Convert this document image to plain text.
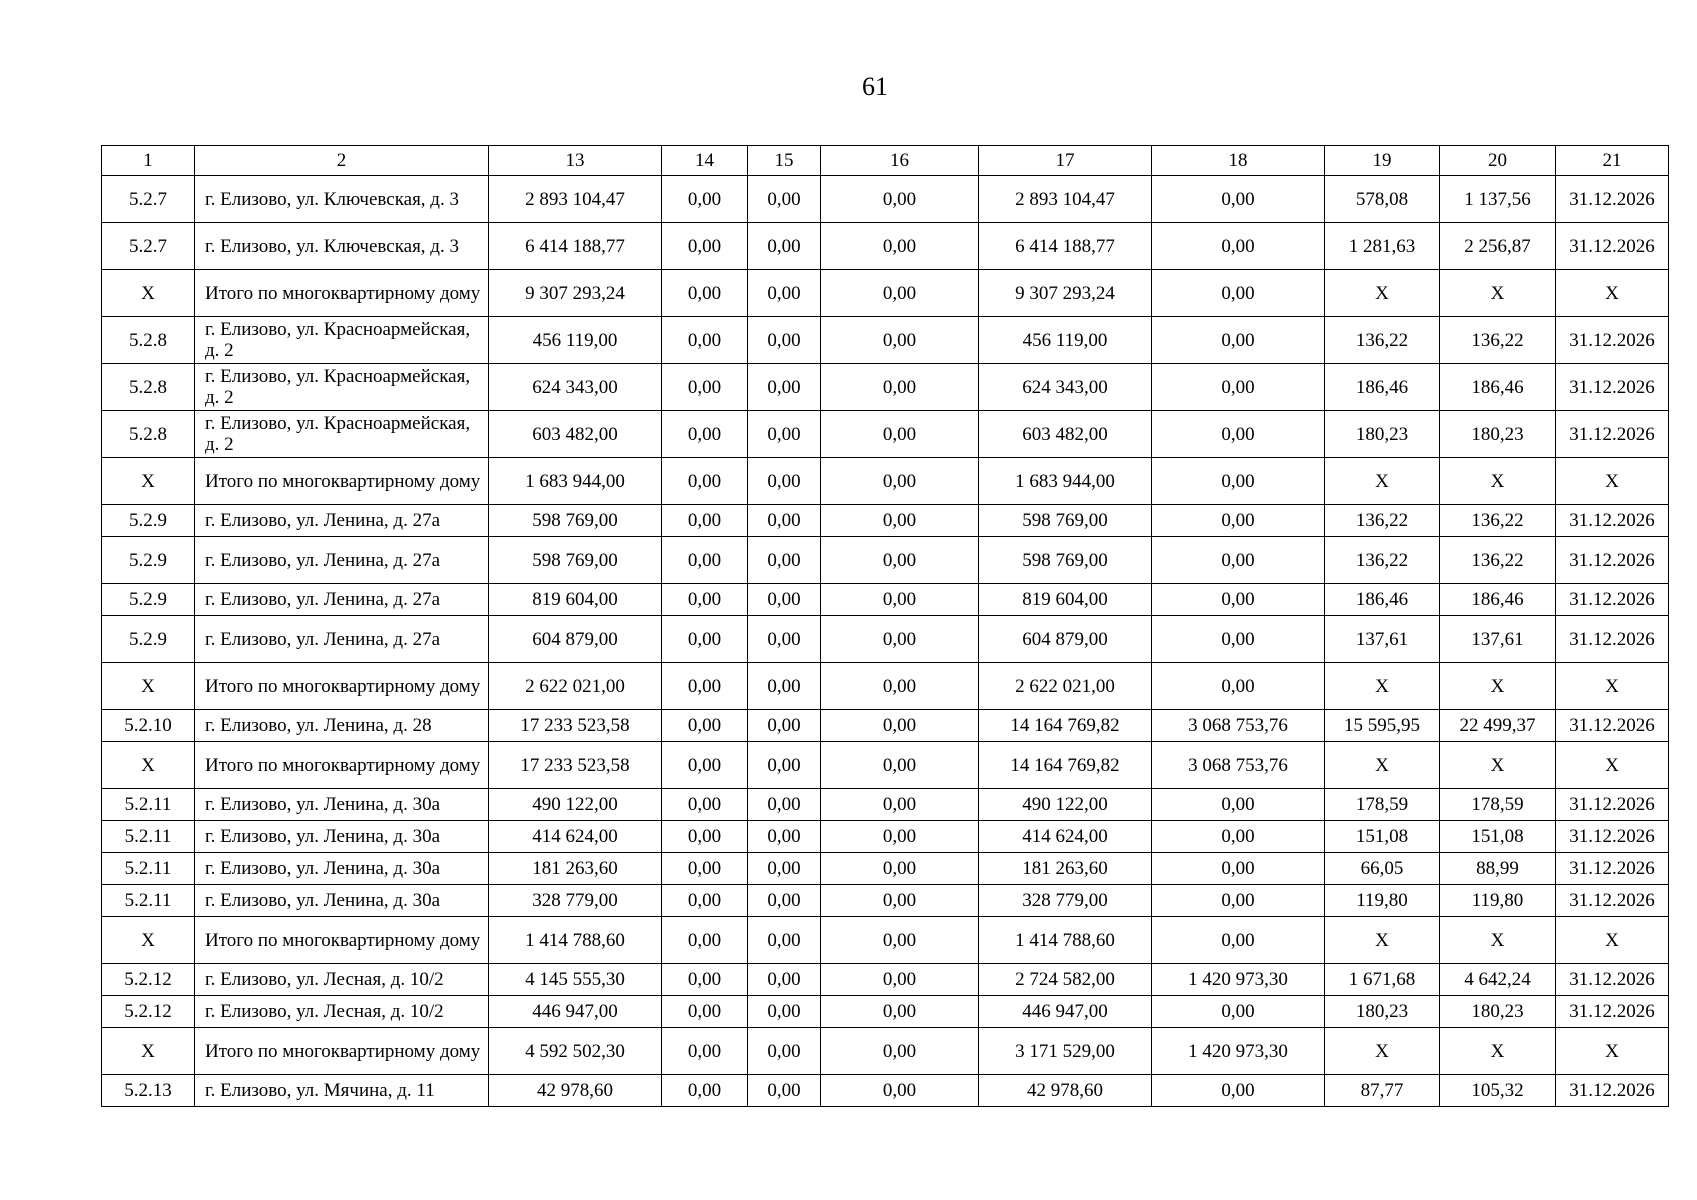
61
1	2	13	14	15	16	17	18	19	20	21
5.2.7	г. Елизово, ул. Ключевская, д. 3	2 893 104,47	0,00	0,00	0,00	2 893 104,47	0,00	578,08	1 137,56	31.12.2026
5.2.7	г. Елизово, ул. Ключевская, д. 3	6 414 188,77	0,00	0,00	0,00	6 414 188,77	0,00	1 281,63	2 256,87	31.12.2026
X	Итого по многоквартирному дому	9 307 293,24	0,00	0,00	0,00	9 307 293,24	0,00	X	X	X
5.2.8	г. Елизово, ул. Красноармейская, д. 2	456 119,00	0,00	0,00	0,00	456 119,00	0,00	136,22	136,22	31.12.2026
5.2.8	г. Елизово, ул. Красноармейская, д. 2	624 343,00	0,00	0,00	0,00	624 343,00	0,00	186,46	186,46	31.12.2026
5.2.8	г. Елизово, ул. Красноармейская, д. 2	603 482,00	0,00	0,00	0,00	603 482,00	0,00	180,23	180,23	31.12.2026
X	Итого по многоквартирному дому	1 683 944,00	0,00	0,00	0,00	1 683 944,00	0,00	X	X	X
5.2.9	г. Елизово, ул. Ленина, д. 27а	598 769,00	0,00	0,00	0,00	598 769,00	0,00	136,22	136,22	31.12.2026
5.2.9	г. Елизово, ул. Ленина, д. 27а	598 769,00	0,00	0,00	0,00	598 769,00	0,00	136,22	136,22	31.12.2026
5.2.9	г. Елизово, ул. Ленина, д. 27а	819 604,00	0,00	0,00	0,00	819 604,00	0,00	186,46	186,46	31.12.2026
5.2.9	г. Елизово, ул. Ленина, д. 27а	604 879,00	0,00	0,00	0,00	604 879,00	0,00	137,61	137,61	31.12.2026
X	Итого по многоквартирному дому	2 622 021,00	0,00	0,00	0,00	2 622 021,00	0,00	X	X	X
5.2.10	г. Елизово, ул. Ленина, д. 28	17 233 523,58	0,00	0,00	0,00	14 164 769,82	3 068 753,76	15 595,95	22 499,37	31.12.2026
X	Итого по многоквартирному дому	17 233 523,58	0,00	0,00	0,00	14 164 769,82	3 068 753,76	X	X	X
5.2.11	г. Елизово, ул. Ленина, д. 30а	490 122,00	0,00	0,00	0,00	490 122,00	0,00	178,59	178,59	31.12.2026
5.2.11	г. Елизово, ул. Ленина, д. 30а	414 624,00	0,00	0,00	0,00	414 624,00	0,00	151,08	151,08	31.12.2026
5.2.11	г. Елизово, ул. Ленина, д. 30а	181 263,60	0,00	0,00	0,00	181 263,60	0,00	66,05	88,99	31.12.2026
5.2.11	г. Елизово, ул. Ленина, д. 30а	328 779,00	0,00	0,00	0,00	328 779,00	0,00	119,80	119,80	31.12.2026
X	Итого по многоквартирному дому	1 414 788,60	0,00	0,00	0,00	1 414 788,60	0,00	X	X	X
5.2.12	г. Елизово, ул. Лесная, д. 10/2	4 145 555,30	0,00	0,00	0,00	2 724 582,00	1 420 973,30	1 671,68	4 642,24	31.12.2026
5.2.12	г. Елизово, ул. Лесная, д. 10/2	446 947,00	0,00	0,00	0,00	446 947,00	0,00	180,23	180,23	31.12.2026
X	Итого по многоквартирному дому	4 592 502,30	0,00	0,00	0,00	3 171 529,00	1 420 973,30	X	X	X
5.2.13	г. Елизово, ул. Мячина, д. 11	42 978,60	0,00	0,00	0,00	42 978,60	0,00	87,77	105,32	31.12.2026
